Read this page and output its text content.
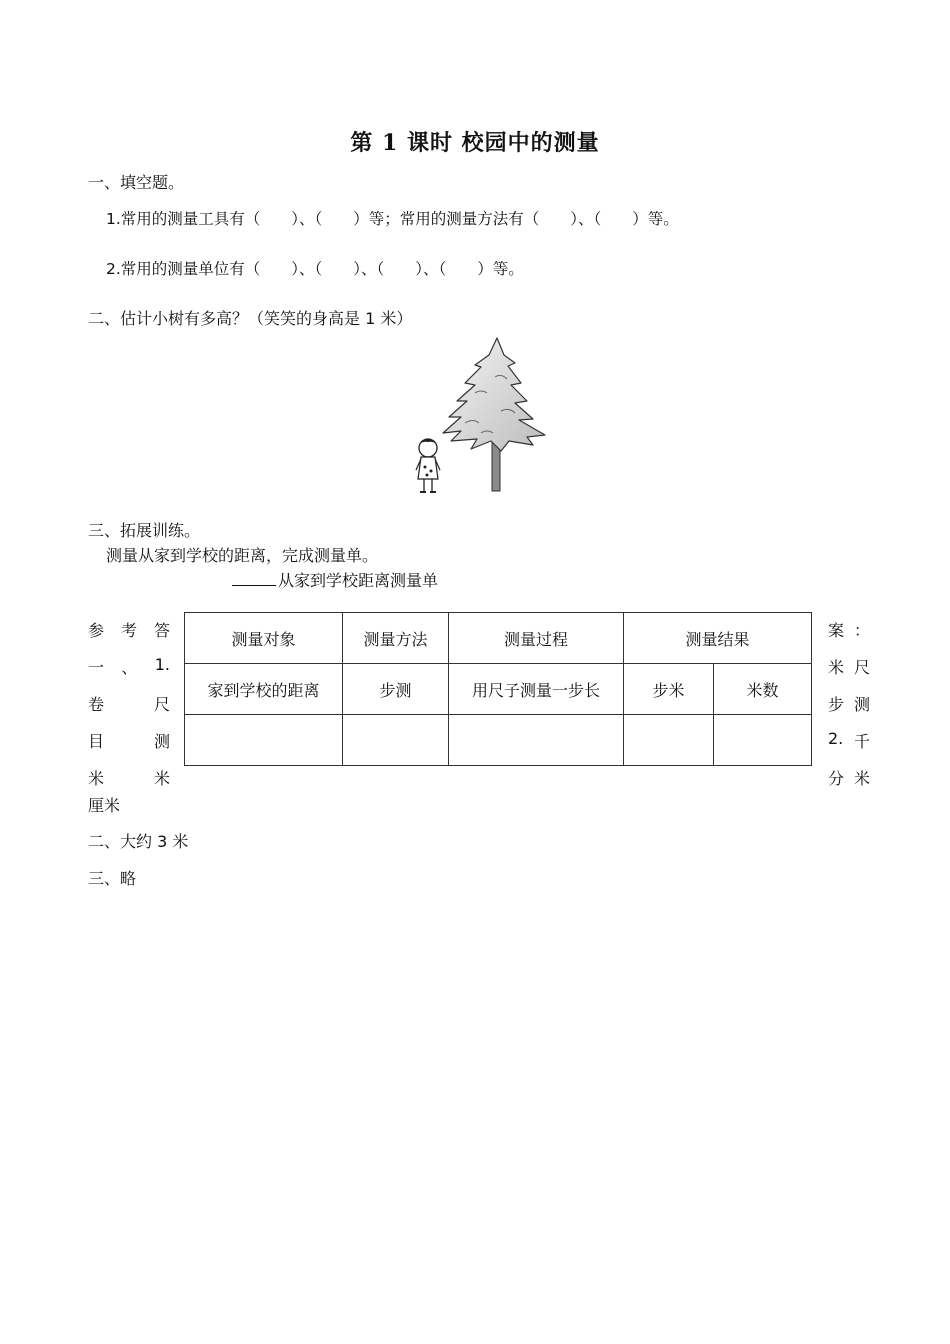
第 1 课时 校园中的测量
一、填空题。
1.常用的测量工具有（　　）、（　　）等；常用的测量方法有（　　）、（　　）等。
2.常用的测量单位有（　　）、（　　）、（　　）、（　　）等。
二、估计小树有多高？（笑笑的身高是 1 米）
三、拓展训练。
测量从家到学校的距离，完成测量单。
从家到学校距离测量单
测量对象	测量方法	测量过程	测量结果	
家到学校的距离	步测	用尺子测量一步长	步米	米数

参 考 答
一 、 1.
卷	尺
目	测
米	米
厘米
案 ：
米 尺
步 测
2. 千
分 米
二、大约 3 米
三、略
